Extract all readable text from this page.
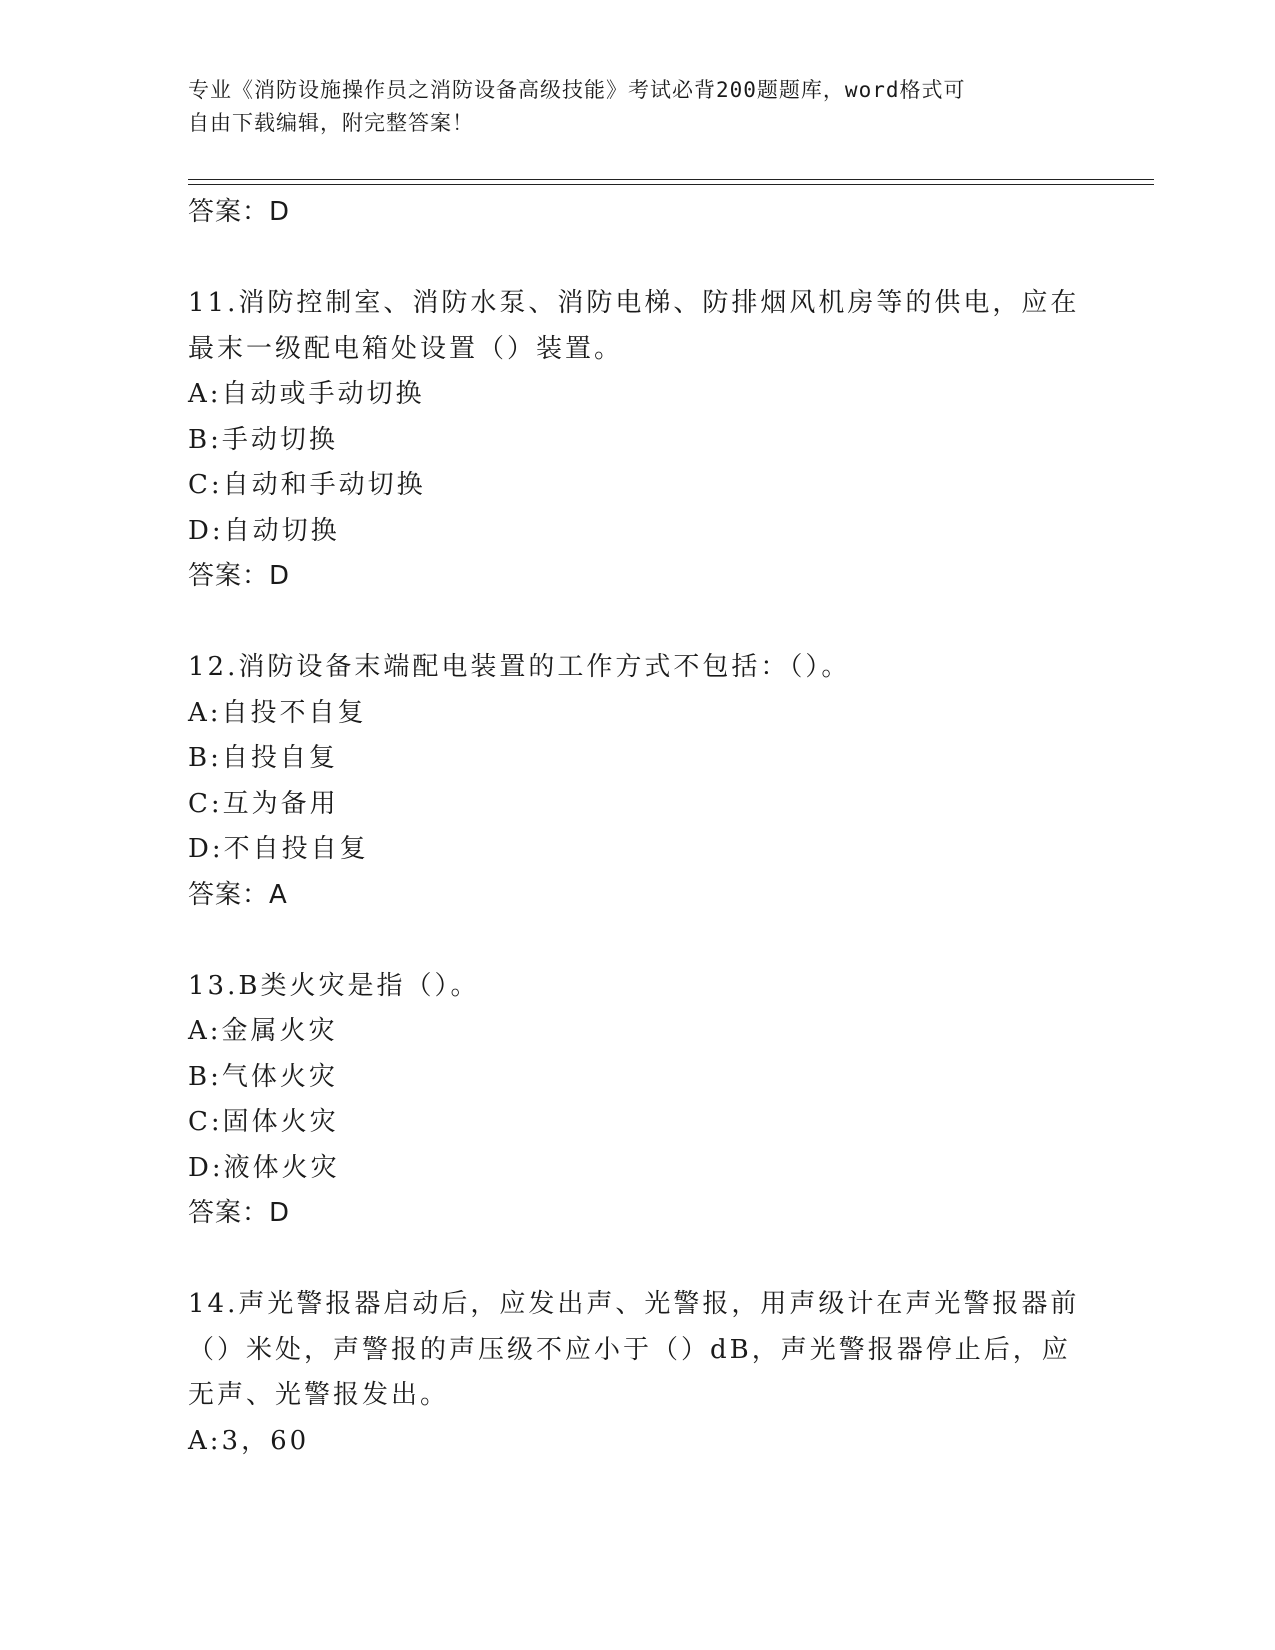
专业《消防设施操作员之消防设备高级技能》考试必背200题题库，word格式可
自由下载编辑，附完整答案！
答案：D
11.消防控制室、消防水泵、消防电梯、防排烟风机房等的供电，应在
最末一级配电箱处设置（）装置。
A:自动或手动切换
B:手动切换
C:自动和手动切换
D:自动切换
答案：D
12.消防设备末端配电装置的工作方式不包括：（）。
A:自投不自复
B:自投自复
C:互为备用
D:不自投自复
答案：A
13.B类火灾是指（）。
A:金属火灾
B:气体火灾
C:固体火灾
D:液体火灾
答案：D
14.声光警报器启动后，应发出声、光警报，用声级计在声光警报器前
（）米处，声警报的声压级不应小于（）dB，声光警报器停止后，应
无声、光警报发出。
A:3，60
